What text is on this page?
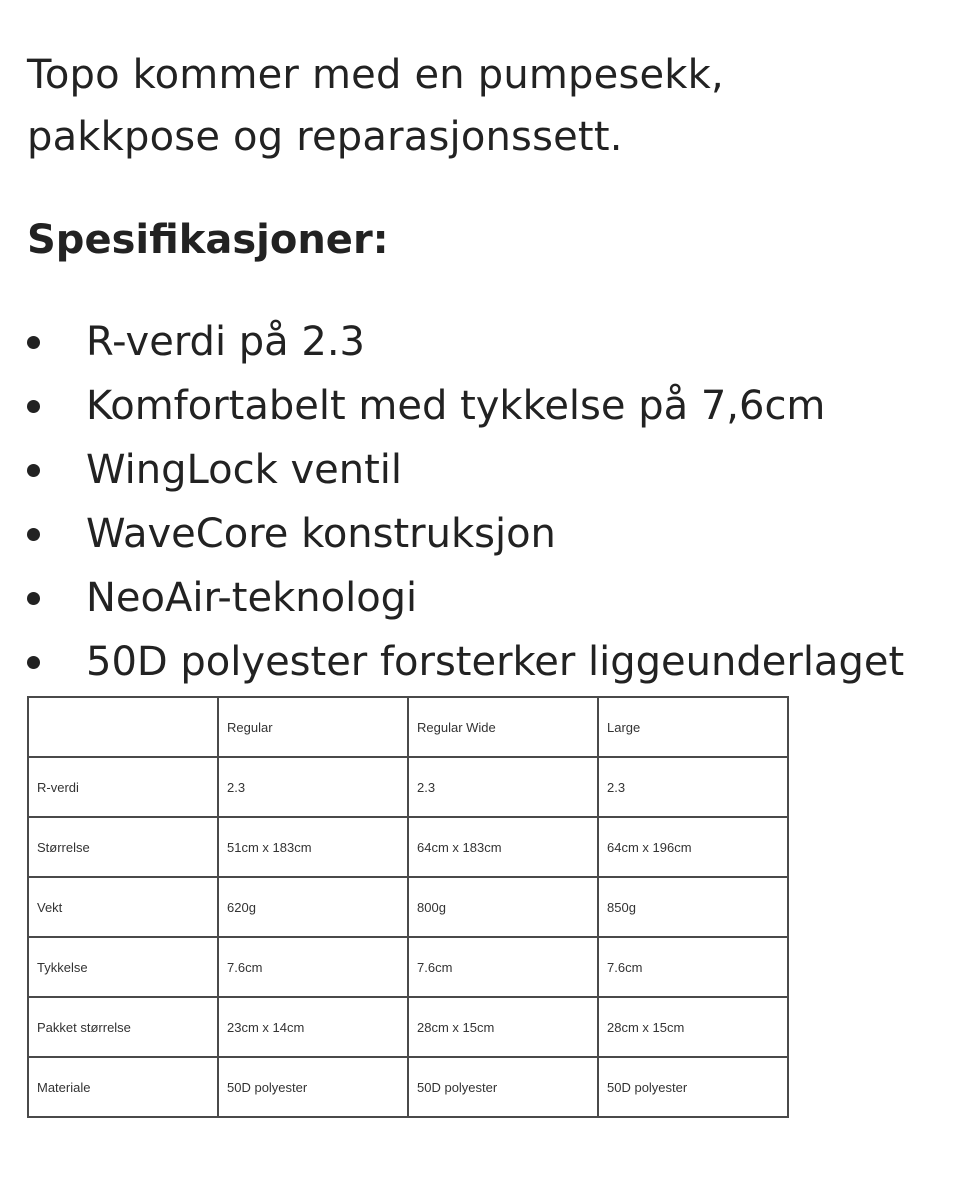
Topo kommer med en pumpesekk,
pakkpose og reparasjonssett.

Spesifikasjoner:
R-verdi på 2.3
Komfortabelt med tykkelse på 7,6cm
WingLock ventil
WaveCore konstruksjon
NeoAir-teknologi
50D polyester forsterker liggeunderlaget
	Regular	Regular Wide	Large
R-verdi	2.3	2.3	2.3
Størrelse	51cm x 183cm	64cm x 183cm	64cm x 196cm
Vekt	620g	800g	850g
Tykkelse	7.6cm	7.6cm	7.6cm
Pakket størrelse	23cm x 14cm	28cm x 15cm	28cm x 15cm
Materiale	50D polyester	50D polyester	50D polyester
